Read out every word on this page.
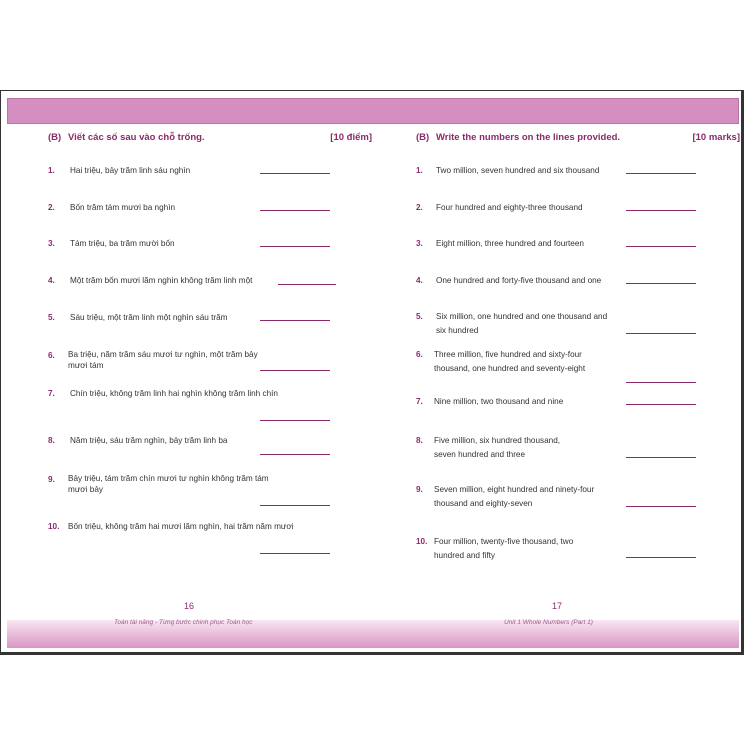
(B) Viết các số sau vào chỗ trống.	[10 điểm]
1. Hai triệu, bảy trăm linh sáu nghìn
2. Bốn trăm tám mươi ba nghìn
3. Tám triệu, ba trăm mười bốn
4. Một trăm bốn mươi lăm nghìn không trăm linh một
5. Sáu triệu, một trăm linh một nghìn sáu trăm
6. Ba triệu, năm trăm sáu mươi tư nghìn, một trăm bảy mươi tám
7. Chín triệu, không trăm linh hai nghìn không trăm linh chín
8. Năm triệu, sáu trăm nghìn, bảy trăm linh ba
9. Bảy triệu, tám trăm chín mươi tư nghìn không trăm tám mươi bảy
10. Bốn triệu, không trăm hai mươi lăm nghìn, hai trăm năm mươi
16
Toán tài năng - Từng bước chinh phục Toán học
(B) Write the numbers on the lines provided.	[10 marks]
1. Two million, seven hundred and six thousand
2. Four hundred and eighty-three thousand
3. Eight million, three hundred and fourteen
4. One hundred and forty-five thousand and one
5. Six million, one hundred and one thousand and six hundred
6. Three million, five hundred and sixty-four thousand, one hundred and seventy-eight
7. Nine million, two thousand and nine
8. Five million, six hundred thousand, seven hundred and three
9. Seven million, eight hundred and ninety-four thousand and eighty-seven
10. Four million, twenty-five thousand, two hundred and fifty
17
Unit 1 Whole Numbers (Part 1)
